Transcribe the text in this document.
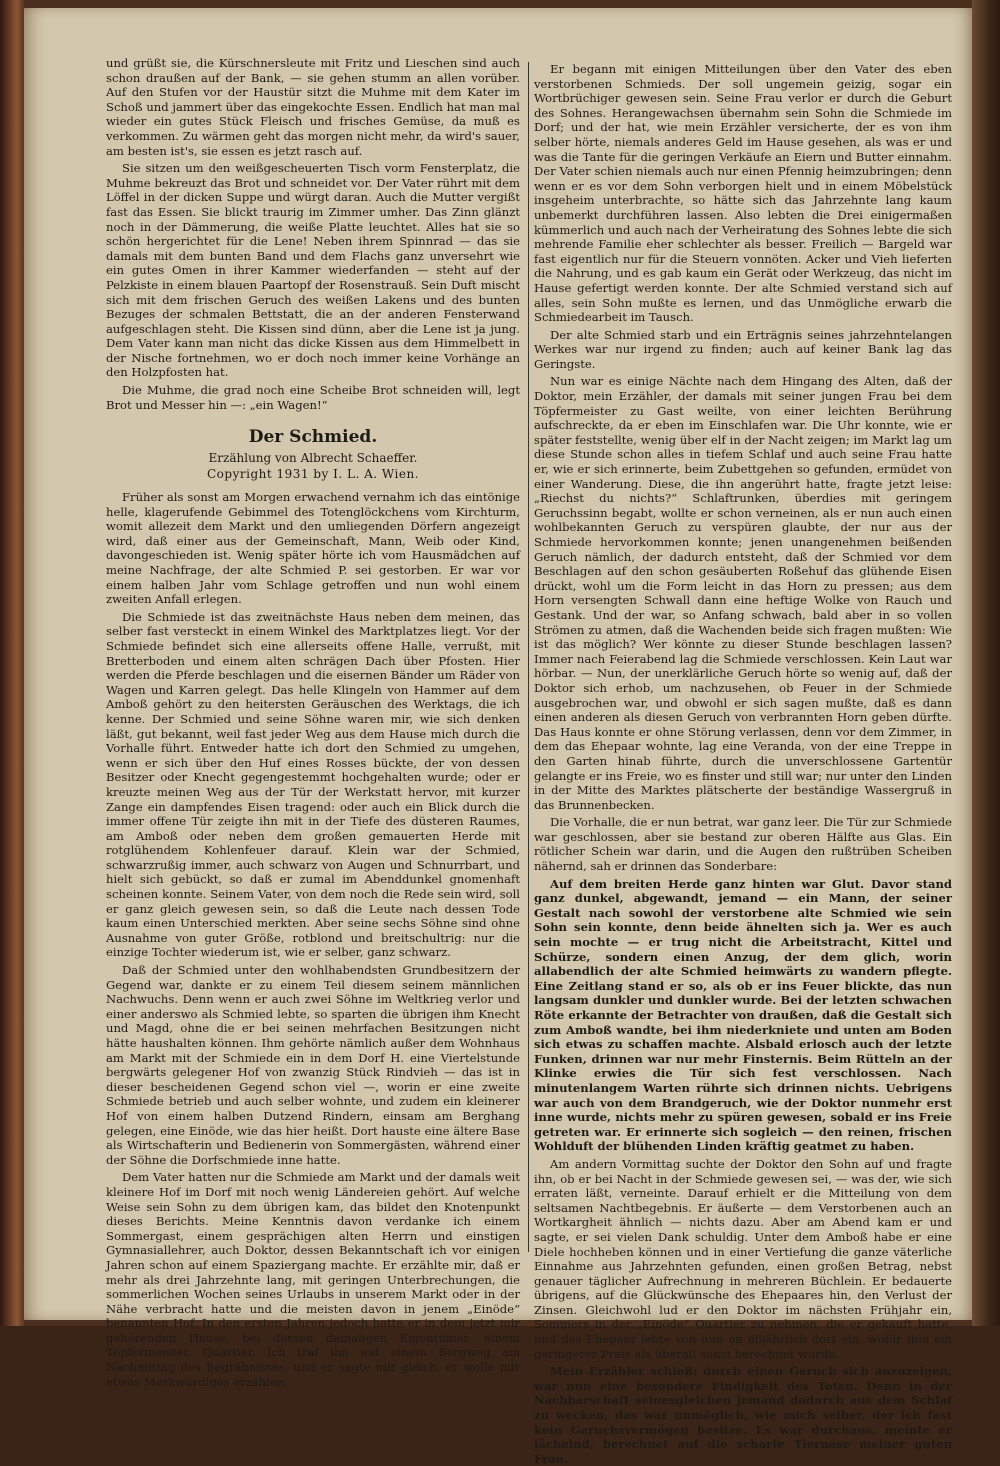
und grüßt sie, die Kürschnersleute mit Fritz und Lieschen sind auch schon draußen auf der Bank, — sie gehen stumm an allen vorüber. Auf den Stufen vor der Haustür sitzt die Muhme mit dem Kater im Schoß und jammert über das eingekochte Essen. Endlich hat man mal wieder ein gutes Stück Fleisch und frisches Gemüse, da muß es verkommen. Zu wärmen geht das morgen nicht mehr, da wird's sauer, am besten ist's, sie essen es jetzt rasch auf.

Sie sitzen um den weißgescheuerten Tisch vorm Fensterplatz, die Muhme bekreuzt das Brot und schneidet vor. Der Vater rührt mit dem Löffel in der dicken Suppe und würgt daran. Auch die Mutter vergißt fast das Essen. Sie blickt traurig im Zimmer umher. Das Zinn glänzt noch in der Dämmerung, die weiße Platte leuchtet. Alles hat sie so schön hergerichtet für die Lene! Neben ihrem Spinnrad — das sie damals mit dem bunten Band und dem Flachs ganz unversehrt wie ein gutes Omen in ihrer Kammer wiederfanden — steht auf der Pelzkiste in einem blauen Paartopf der Rosenstrauß. Sein Duft mischt sich mit dem frischen Geruch des weißen Lakens und des bunten Bezuges der schmalen Bettstatt, die an der anderen Fensterwand aufgeschlagen steht. Die Kissen sind dünn, aber die Lene ist ja jung. Dem Vater kann man nicht das dicke Kissen aus dem Himmelbett in der Nische fortnehmen, wo er doch noch immer keine Vorhänge an den Holzpfosten hat.

Die Muhme, die grad noch eine Scheibe Brot schneiden will, legt Brot und Messer hin —: „ein Wagen!“

Der Schmied.
Erzählung von Albrecht Schaeffer.
Copyright 1931 by I. L. A. Wien.

Früher als sonst am Morgen erwachend vernahm ich das eintönige helle, klagerufende Gebimmel des Totenglöckchens vom Kirchturm, womit allezeit dem Markt und den umliegenden Dörfern angezeigt wird, daß einer aus der Gemeinschaft, Mann, Weib oder Kind, davongeschieden ist. Wenig später hörte ich vom Hausmädchen auf meine Nachfrage, der alte Schmied P. sei gestorben. Er war vor einem halben Jahr vom Schlage getroffen und nun wohl einem zweiten Anfall erlegen.

Die Schmiede ist das zweitnächste Haus neben dem meinen, das selber fast versteckt in einem Winkel des Marktplatzes liegt. Vor der Schmiede befindet sich eine allerseits offene Halle, verrußt, mit Bretterboden und einem alten schrägen Dach über Pfosten. Hier werden die Pferde beschlagen und die eisernen Bänder um Räder von Wagen und Karren gelegt. Das helle Klingeln von Hammer auf dem Amboß gehört zu den heitersten Geräuschen des Werktags, die ich kenne. Der Schmied und seine Söhne waren mir, wie sich denken läßt, gut bekannt, weil fast jeder Weg aus dem Hause mich durch die Vorhalle führt. Entweder hatte ich dort den Schmied zu umgehen, wenn er sich über den Huf eines Rosses bückte, der von dessen Besitzer oder Knecht gegengestemmt hochgehalten wurde; oder er kreuzte meinen Weg aus der Tür der Werkstatt hervor, mit kurzer Zange ein dampfendes Eisen tragend: oder auch ein Blick durch die immer offene Tür zeigte ihn mit in der Tiefe des düsteren Raumes, am Amboß oder neben dem großen gemauerten Herde mit rotglühendem Kohlenfeuer darauf. Klein war der Schmied, schwarzrußig immer, auch schwarz von Augen und Schnurrbart, und hielt sich gebückt, so daß er zumal im Abenddunkel gnomenhaft scheinen konnte. Seinem Vater, von dem noch die Rede sein wird, soll er ganz gleich gewesen sein, so daß die Leute nach dessen Tode kaum einen Unterschied merkten. Aber seine sechs Söhne sind ohne Ausnahme von guter Größe, rotblond und breitschultrig: nur die einzige Tochter wiederum ist, wie er selber, ganz schwarz.

Daß der Schmied unter den wohlhabendsten Grundbesitzern der Gegend war, dankte er zu einem Teil diesem seinem männlichen Nachwuchs. Denn wenn er auch zwei Söhne im Weltkrieg verlor und einer anderswo als Schmied lebte, so sparten die übrigen ihm Knecht und Magd, ohne die er bei seinen mehrfachen Besitzungen nicht hätte haushalten können. Ihm gehörte nämlich außer dem Wohnhaus am Markt mit der Schmiede ein in dem Dorf H. eine Viertelstunde bergwärts gelegener Hof von zwanzig Stück Rindvieh — das ist in dieser bescheidenen Gegend schon viel —, worin er eine zweite Schmiede betrieb und auch selber wohnte, und zudem ein kleinerer Hof von einem halben Dutzend Rindern, einsam am Berghang gelegen, eine Einöde, wie das hier heißt. Dort hauste eine ältere Base als Wirtschafterin und Bedienerin von Sommergästen, während einer der Söhne die Dorfschmiede inne hatte.

Dem Vater hatten nur die Schmiede am Markt und der damals weit kleinere Hof im Dorf mit noch wenig Ländereien gehört. Auf welche Weise sein Sohn zu dem übrigen kam, das bildet den Knotenpunkt dieses Berichts. Meine Kenntnis davon verdanke ich einem Sommergast, einem gesprächigen alten Herrn und einstigen Gymnasiallehrer, auch Doktor, dessen Bekanntschaft ich vor einigen Jahren schon auf einem Spaziergang machte. Er erzählte mir, daß er mehr als drei Jahrzehnte lang, mit geringen Unterbrechungen, die sommerlichen Wochen seines Urlaubs in unserem Markt oder in der Nähe verbracht hatte und die meisten davon in jenem „Einöde“ benannten Hof. In den ersten Jahren jedoch hatte er in dem jetzt mir gehörenden Hause, bei dessen damaligen Eigentümer, einem Töpfermeister, Quartier. Ich traf ihn auf einem Bergweg am Nachmittag des Begräbnisses, und er sagte mir gleich, er wolle mir etwas Merkwürdiges erzählen.

Er begann mit einigen Mitteilungen über den Vater des eben verstorbenen Schmieds. Der soll ungemein geizig, sogar ein Wortbrüchiger gewesen sein. Seine Frau verlor er durch die Geburt des Sohnes. Herangewachsen übernahm sein Sohn die Schmiede im Dorf; und der hat, wie mein Erzähler versicherte, der es von ihm selber hörte, niemals anderes Geld im Hause gesehen, als was er und was die Tante für die geringen Verkäufe an Eiern und Butter einnahm. Der Vater schien niemals auch nur einen Pfennig heimzubringen; denn wenn er es vor dem Sohn verborgen hielt und in einem Möbelstück insgeheim unterbrachte, so hätte sich das Jahrzehnte lang kaum unbemerkt durchführen lassen. Also lebten die Drei einigermaßen kümmerlich und auch nach der Verheiratung des Sohnes lebte die sich mehrende Familie eher schlechter als besser. Freilich — Bargeld war fast eigentlich nur für die Steuern vonnöten. Acker und Vieh lieferten die Nahrung, und es gab kaum ein Gerät oder Werkzeug, das nicht im Hause gefertigt werden konnte. Der alte Schmied verstand sich auf alles, sein Sohn mußte es lernen, und das Unmögliche erwarb die Schmiedearbeit im Tausch.

Der alte Schmied starb und ein Erträgnis seines jahrzehntelangen Werkes war nur irgend zu finden; auch auf keiner Bank lag das Geringste.

Nun war es einige Nächte nach dem Hingang des Alten, daß der Doktor, mein Erzähler, der damals mit seiner jungen Frau bei dem Töpfermeister zu Gast weilte, von einer leichten Berührung aufschreckte, da er eben im Einschlafen war. Die Uhr konnte, wie er später feststellte, wenig über elf in der Nacht zeigen; im Markt lag um diese Stunde schon alles in tiefem Schlaf und auch seine Frau hatte er, wie er sich erinnerte, beim Zubettgehen so gefunden, ermüdet von einer Wanderung. Diese, die ihn angerührt hatte, fragte jetzt leise: „Riechst du nichts?“ Schlaftrunken, überdies mit geringem Geruchssinn begabt, wollte er schon verneinen, als er nun auch einen wohlbekannten Geruch zu verspüren glaubte, der nur aus der Schmiede hervorkommen konnte; jenen unangenehmen beißenden Geruch nämlich, der dadurch entsteht, daß der Schmied vor dem Beschlagen auf den schon gesäuberten Roßehuf das glühende Eisen drückt, wohl um die Form leicht in das Horn zu pressen; aus dem Horn versengten Schwall dann eine heftige Wolke von Rauch und Gestank. Und der war, so Anfang schwach, bald aber in so vollen Strömen zu atmen, daß die Wachenden beide sich fragen mußten: Wie ist das möglich? Wer könnte zu dieser Stunde beschlagen lassen? Immer nach Feierabend lag die Schmiede verschlossen. Kein Laut war hörbar. — Nun, der unerklärliche Geruch hörte so wenig auf, daß der Doktor sich erhob, um nachzusehen, ob Feuer in der Schmiede ausgebrochen war, und obwohl er sich sagen mußte, daß es dann einen anderen als diesen Geruch von verbrannten Horn geben dürfte. Das Haus konnte er ohne Störung verlassen, denn vor dem Zimmer, in dem das Ehepaar wohnte, lag eine Veranda, von der eine Treppe in den Garten hinab führte, durch die unverschlossene Gartentür gelangte er ins Freie, wo es finster und still war; nur unter den Linden in der Mitte des Marktes plätscherte der beständige Wassergruß in das Brunnenbecken.

Die Vorhalle, die er nun betrat, war ganz leer. Die Tür zur Schmiede war geschlossen, aber sie bestand zur oberen Hälfte aus Glas. Ein rötlicher Schein war darin, und die Augen den rußtrüben Scheiben nähernd, sah er drinnen das Sonderbare:

Auf dem breiten Herde ganz hinten war Glut. Davor stand ganz dunkel, abgewandt, jemand — ein Mann, der seiner Gestalt nach sowohl der verstorbene alte Schmied wie sein Sohn sein konnte, denn beide ähnelten sich ja. Wer es auch sein mochte — er trug nicht die Arbeitstracht, Kittel und Schürze, sondern einen Anzug, der dem glich, worin allabendlich der alte Schmied heimwärts zu wandern pflegte. Eine Zeitlang stand er so, als ob er ins Feuer blickte, das nun langsam dunkler und dunkler wurde. Bei der letzten schwachen Röte erkannte der Betrachter von draußen, daß die Gestalt sich zum Amboß wandte, bei ihm niederkniete und unten am Boden sich etwas zu schaffen machte. Alsbald erlosch auch der letzte Funken, drinnen war nur mehr Finsternis. Beim Rütteln an der Klinke erwies die Tür sich fest verschlossen. Nach minutenlangem Warten rührte sich drinnen nichts. Uebrigens war auch von dem Brandgeruch, wie der Doktor nunmehr erst inne wurde, nichts mehr zu spüren gewesen, sobald er ins Freie getreten war. Er erinnerte sich sogleich — den reinen, frischen Wohlduft der blühenden Linden kräftig geatmet zu haben.

Am andern Vormittag suchte der Doktor den Sohn auf und fragte ihn, ob er bei Nacht in der Schmiede gewesen sei, — was der, wie sich erraten läßt, verneinte. Darauf erhielt er die Mitteilung von dem seltsamen Nachtbegebnis. Er äußerte — dem Verstorbenen auch an Wortkargheit ähnlich — nichts dazu. Aber am Abend kam er und sagte, er sei vielen Dank schuldig. Unter dem Amboß habe er eine Diele hochheben können und in einer Vertiefung die ganze väterliche Einnahme aus Jahrzehnten gefunden, einen großen Betrag, nebst genauer täglicher Aufrechnung in mehreren Büchlein. Er bedauerte übrigens, auf die Glückwünsche des Ehepaares hin, den Verlust der Zinsen. Gleichwohl lud er den Doktor im nächsten Frühjahr ein, Sommers in der „Einöde“ Quartier zu nehmen, die er gekauft hatte, und das Ehepaar lebte von nun an alljährlich dort ein, wofür ihm ein geringerer Preis als überall sonst berechnet wurde.

Mein Erzähler schloß: durch einen Geruch sich anzuzeigen, war nun eine besondere Findigkeit des Toten. Denn in der Nachbarschaft seinesgleichen jemand dadurch aus dem Schlaf zu wecken, das war unmöglich, wie mich selber, der ich fast kein Geruchsvermögen besitze. Es war durchaus, meinte er lächelnd, berechnet auf die scharfe Tiernase meiner guten Frau.
